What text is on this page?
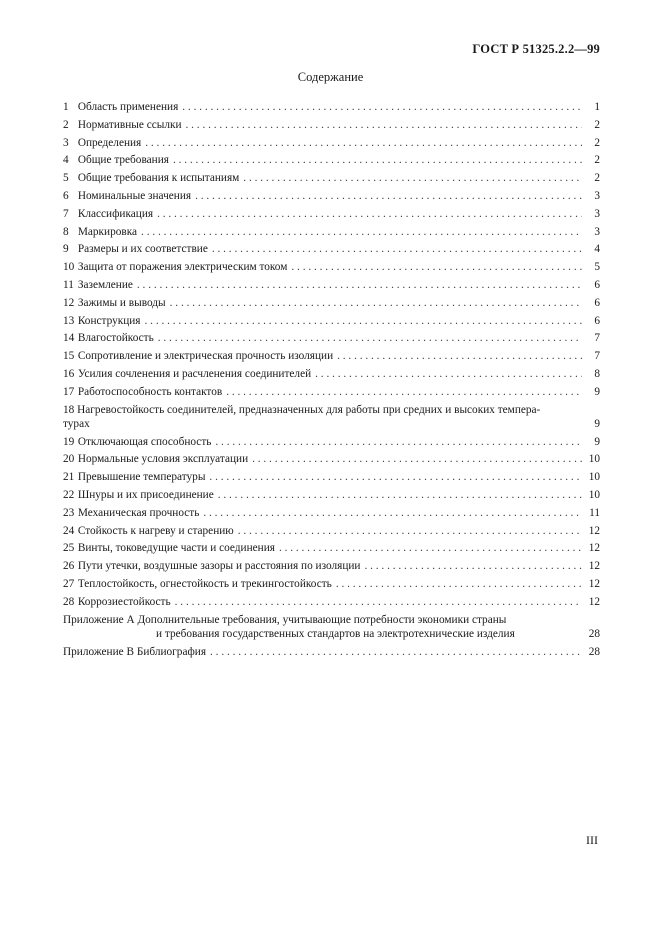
ГОСТ Р 51325.2.2—99
Содержание
1 Область применения . . .	1
2 Нормативные ссылки . . .	2
3 Определения . . .	2
4 Общие требования . . .	2
5 Общие требования к испытаниям . . .	2
6 Номинальные значения . . .	3
7 Классификация . . .	3
8 Маркировка . . .	3
9 Размеры и их соответствие . . .	4
10 Защита от поражения электрическим током . . .	5
11 Заземление . . .	6
12 Зажимы и выводы . . .	6
13 Конструкция . . .	6
14 Влагостойкость . . .	7
15 Сопротивление и электрическая прочность изоляции . . .	7
16 Усилия сочленения и расчленения соединителей . . .	8
17 Работоспособность контактов . . .	9
18 Нагревостойкость соединителей, предназначенных для работы при средних и высоких темпера-
турах	9
19 Отключающая способность . . .	9
20 Нормальные условия эксплуатации . . .	10
21 Превышение температуры . . .	10
22 Шнуры и их присоединение . . .	10
23 Механическая прочность . . .	11
24 Стойкость к нагреву и старению . . .	12
25 Винты, токоведущие части и соединения . . .	12
26 Пути утечки, воздушные зазоры и расстояния по изоляции . . .	12
27 Теплостойкость, огнестойкость и трекингостойкость . . .	12
28 Коррозиестойкость . . .	12
Приложение А Дополнительные требования, учитывающие потребности экономики страны
и требования государственных стандартов на электротехнические изделия	28
Приложение В Библиография . . .	28
III
